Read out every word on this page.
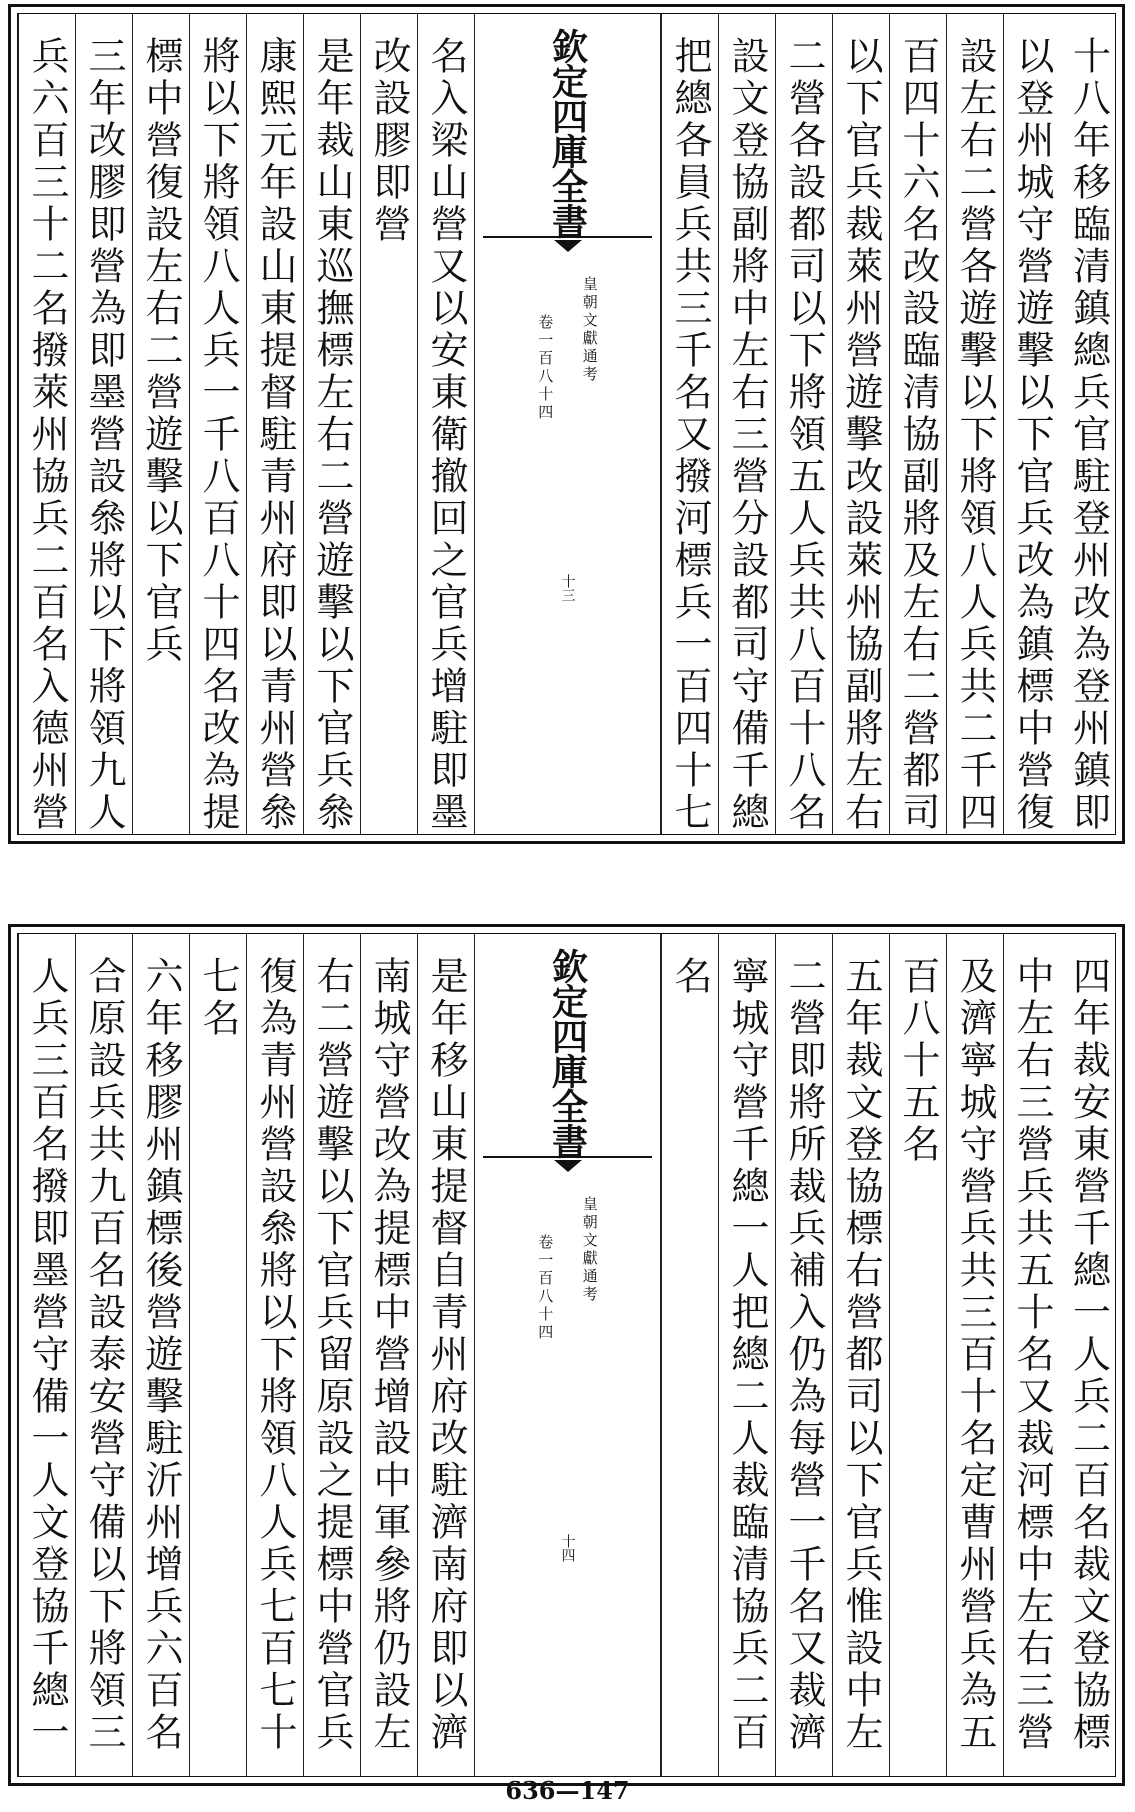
十八年移臨清鎮總兵官駐登州改為登州鎮即
以登州城守營遊擊以下官兵改為鎮標中營復
設左右二營各遊擊以下將領八人兵共二千四
百四十六名改設臨清協副將及左右二營都司
以下官兵裁萊州營遊擊改設萊州協副將左右
二營各設都司以下將領五人兵共八百十八名
設文登協副將中左右三營分設都司守備千總
把總各員兵共三千名又撥河標兵一百四十七
欽定四庫全書
皇朝文獻通考
卷一百八十四
十三
名入梁山營又以安東衛撤回之官兵增駐即墨
改設膠即營
是年裁山東巡撫標左右二營遊擊以下官兵叅
康熙元年設山東提督駐青州府即以青州營叅
將以下將領八人兵一千八百八十四名改為提
標中營復設左右二營遊擊以下官兵
三年改膠即營為即墨營設叅將以下將領九人
兵六百三十二名撥萊州協兵二百名入德州營
四年裁安東營千總一人兵二百名裁文登協標
中左右三營兵共五十名又裁河標中左右三營
及濟寧城守營兵共三百十名定曹州營兵為五
百八十五名
五年裁文登協標右營都司以下官兵惟設中左
二營即將所裁兵補入仍為每營一千名又裁濟
寧城守營千總一人把總二人裁臨清協兵二百
名
欽定四庫全書
皇朝文獻通考
卷一百八十四
十四
是年移山東提督自青州府改駐濟南府即以濟
南城守營改為提標中營增設中軍參將仍設左
右二營遊擊以下官兵留原設之提標中營官兵
復為青州營設叅將以下將領八人兵七百七十
七名
六年移膠州鎮標後營遊擊駐沂州增兵六百名
合原設兵共九百名設泰安營守備以下將領三
人兵三百名撥即墨營守備一人文登協千總一
636—147
